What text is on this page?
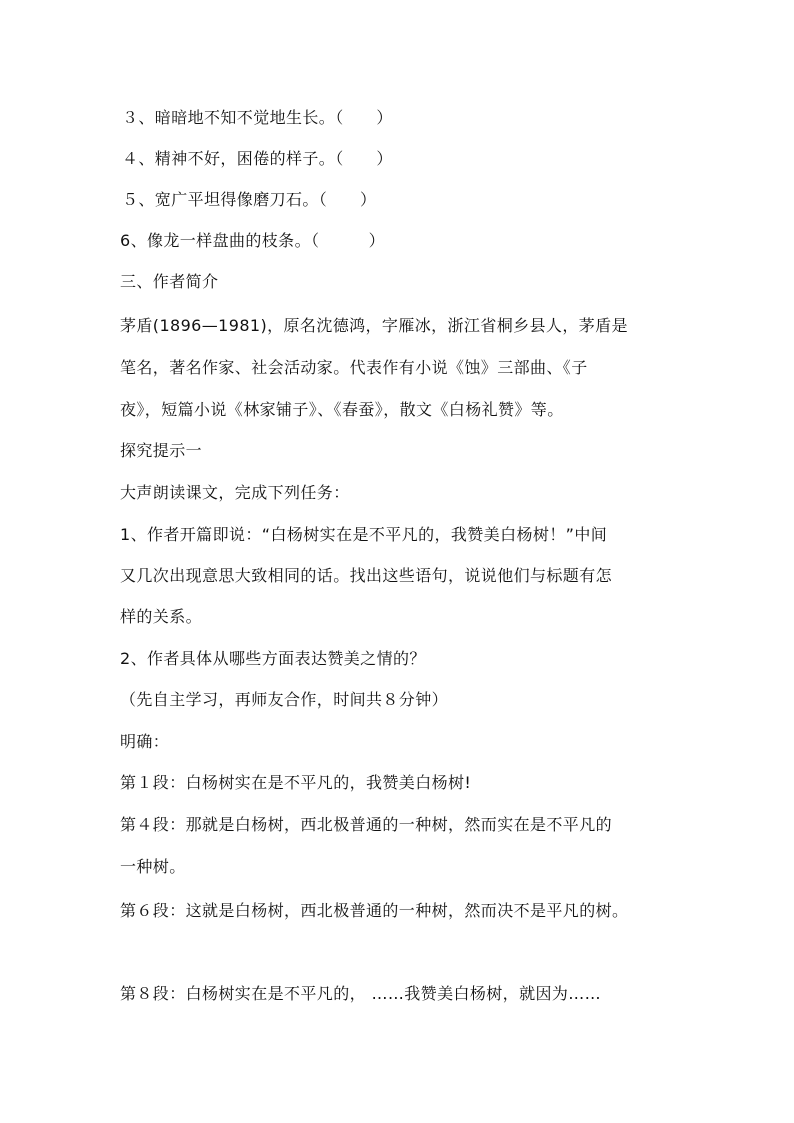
３、暗暗地不知不觉地生长。（　　）
４、精神不好，困倦的样子。（　　）
５、宽广平坦得像磨刀石。（　　）
6、像龙一样盘曲的枝条。（　　　）
三、作者简介
茅盾(1896—1981)，原名沈德鸿，字雁冰，浙江省桐乡县人，茅盾是
笔名，著名作家、社会活动家。代表作有小说《蚀》三部曲、《子
夜》，短篇小说《林家铺子》、《春蚕》，散文《白杨礼赞》等。
探究提示一
大声朗读课文，完成下列任务：
1、作者开篇即说：“白杨树实在是不平凡的，我赞美白杨树！”中间
又几次出现意思大致相同的话。找出这些语句，说说他们与标题有怎
样的关系。
2、作者具体从哪些方面表达赞美之情的？
（先自主学习，再师友合作，时间共８分钟）
明确：
第１段：白杨树实在是不平凡的，我赞美白杨树!
第４段：那就是白杨树，西北极普通的一种树，然而实在是不平凡的
一种树。
第６段：这就是白杨树，西北极普通的一种树，然而决不是平凡的树。
第８段：白杨树实在是不平凡的， ……我赞美白杨树，就因为……
